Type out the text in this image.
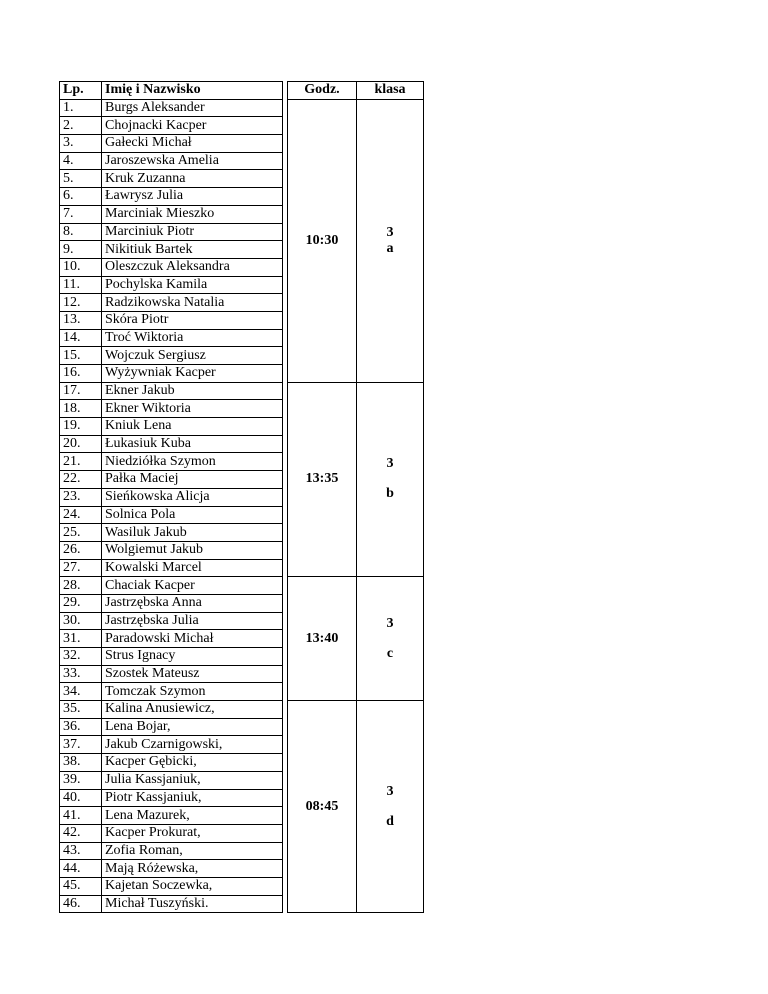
Lp.	Imię i Nazwisko		Godz.	klasa
1.	Burgs Aleksander		10:30	3
a

2.	Chojnacki Kacper			
3.	Gałecki Michał			
4.	Jaroszewska Amelia			
5.	Kruk Zuzanna			
6.	Ławrysz Julia			
7.	Marciniak Mieszko			
8.	Marciniuk Piotr			
9.	Nikitiuk Bartek			
10.	Oleszczuk Aleksandra			
11.	Pochylska Kamila			
12.	Radzikowska Natalia			
13.	Skóra Piotr			
14.	Troć Wiktoria			
15.	Wojczuk Sergiusz			
16.	Wyżywniak Kacper			
17.	Ekner Jakub		13:35	3
b

18.	Ekner Wiktoria			
19.	Kniuk Lena			
20.	Łukasiuk Kuba			
21.	Niedziółka Szymon			
22.	Pałka Maciej			
23.	Sieńkowska Alicja			
24.	Solnica Pola			
25.	Wasiluk Jakub			
26.	Wolgiemut Jakub			
27.	Kowalski Marcel			
28.	Chaciak Kacper		13:40	3
c

29.	Jastrzębska Anna			
30.	Jastrzębska Julia			
31.	Paradowski Michał			
32.	Strus Ignacy			
33.	Szostek Mateusz			
34.	Tomczak Szymon			
35.	Kalina Anusiewicz,		08:45	3
d

36.	Lena Bojar,			
37.	Jakub Czarnigowski,			
38.	Kacper Gębicki,			
39.	Julia Kassjaniuk,			
40.	Piotr Kassjaniuk,			
41.	Lena Mazurek,			
42.	Kacper Prokurat,			
43.	Zofia Roman,			
44.	Mają Różewska,			
45.	Kajetan Soczewka,			
46.	Michał Tuszyński.			
